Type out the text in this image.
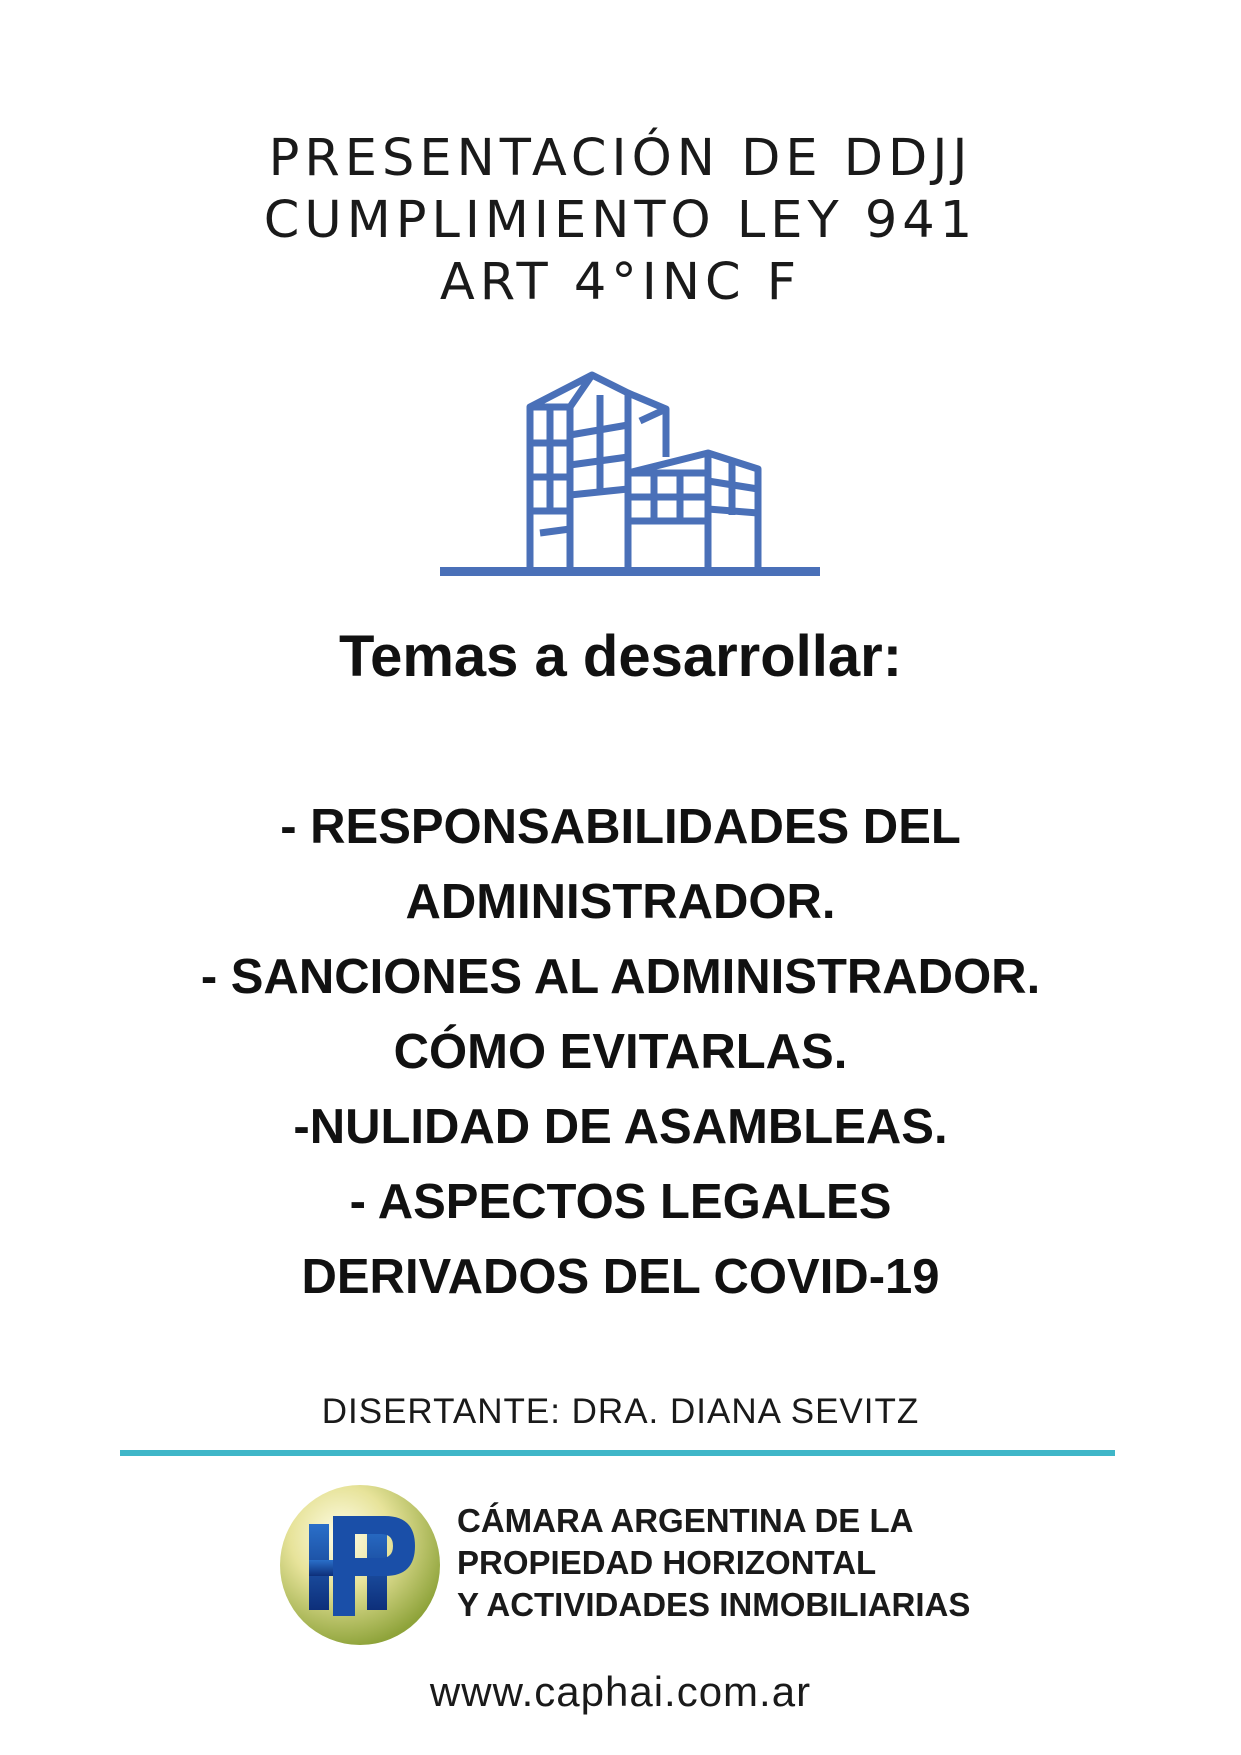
PRESENTACIÓN DE DDJJ
CUMPLIMIENTO LEY 941
ART 4°INC F
Temas a desarrollar:
- RESPONSABILIDADES DEL
ADMINISTRADOR.
- SANCIONES AL ADMINISTRADOR.
CÓMO EVITARLAS.
-NULIDAD DE ASAMBLEAS.
- ASPECTOS LEGALES
DERIVADOS DEL COVID-19
DISERTANTE: DRA. DIANA SEVITZ
CÁMARA ARGENTINA DE LA
PROPIEDAD HORIZONTAL
Y ACTIVIDADES INMOBILIARIAS
www.caphai.com.ar
